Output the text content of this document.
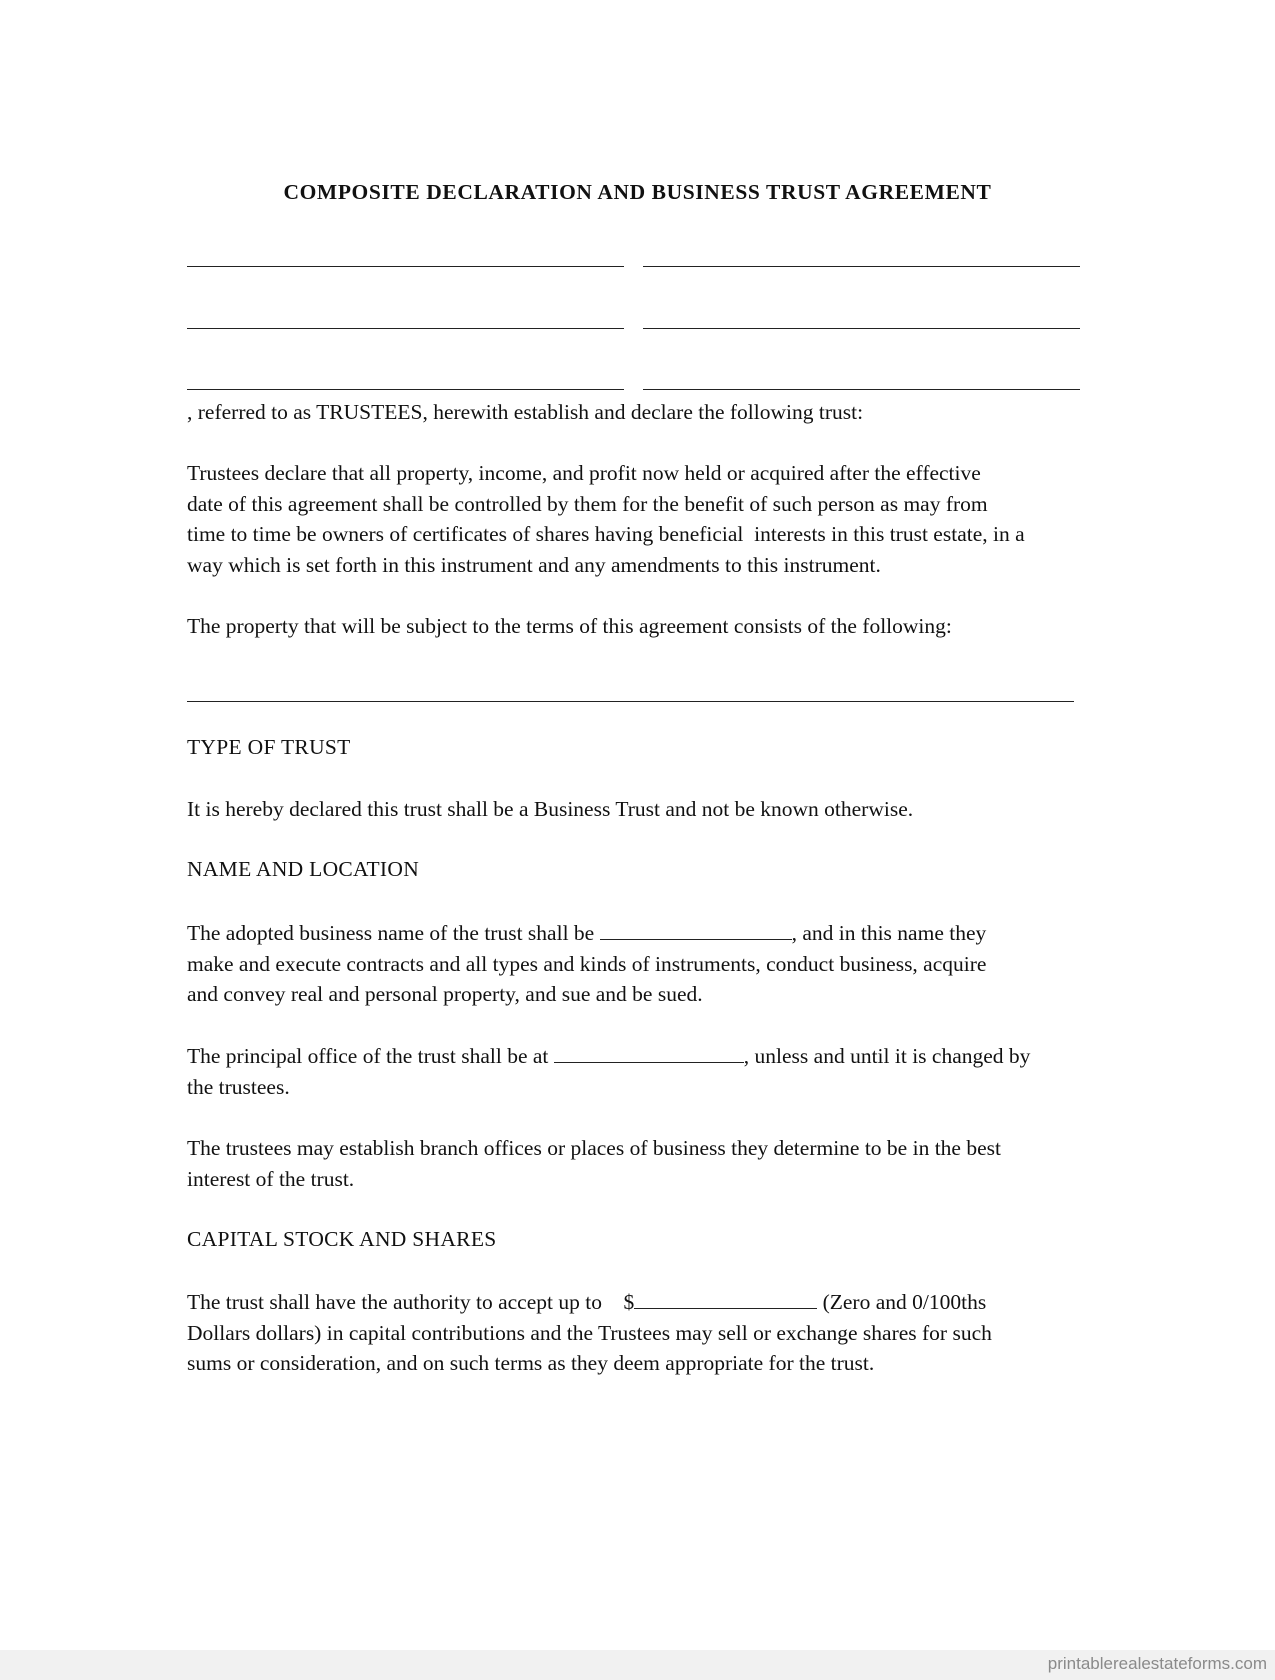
COMPOSITE DECLARATION AND BUSINESS TRUST AGREEMENT
, referred to as TRUSTEES, herewith establish and declare the following trust:
Trustees declare that all property, income, and profit now held or acquired after the effective
date of this agreement shall be controlled by them for the benefit of such person as may from
time to time be owners of certificates of shares having beneficial  interests in this trust estate, in a
way which is set forth in this instrument and any amendments to this instrument.
The property that will be subject to the terms of this agreement consists of the following:
TYPE OF TRUST
It is hereby declared this trust shall be a Business Trust and not be known otherwise.
NAME AND LOCATION
The adopted business name of the trust shall be	, and in this name they
make and execute contracts and all types and kinds of instruments, conduct business, acquire
and convey real and personal property, and sue and be sued.
The principal office of the trust shall be at	, unless and until it is changed by
the trustees.
The trustees may establish branch offices or places of business they determine to be in the best
interest of the trust.
CAPITAL STOCK AND SHARES
The trust shall have the authority to accept up to    $	(Zero and 0/100ths
Dollars dollars) in capital contributions and the Trustees may sell or exchange shares for such
sums or consideration, and on such terms as they deem appropriate for the trust.
printablerealestateforms.com
